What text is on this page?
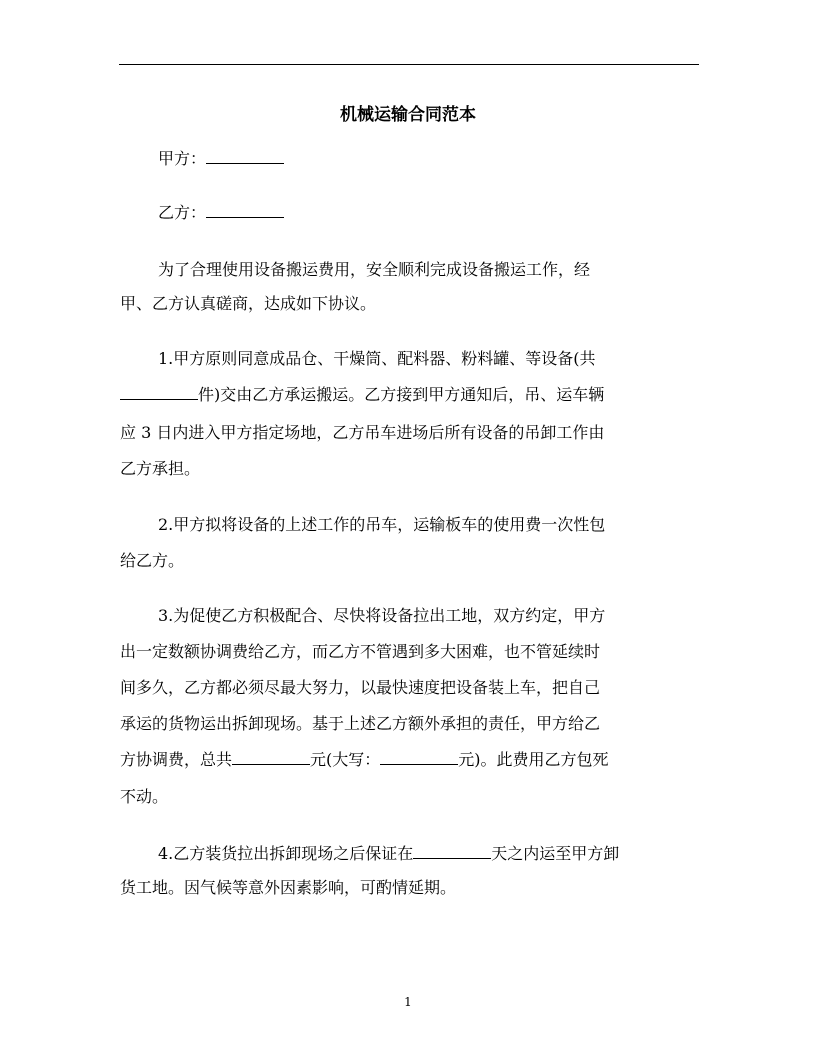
机械运输合同范本

甲方：

乙方：

为了合理使用设备搬运费用，安全顺利完成设备搬运工作，经

甲、乙方认真磋商，达成如下协议。

1.甲方原则同意成品仓、干燥筒、配料器、粉料罐、等设备(共

件)交由乙方承运搬运。乙方接到甲方通知后，吊、运车辆

应 3 日内进入甲方指定场地，乙方吊车进场后所有设备的吊卸工作由

乙方承担。

2.甲方拟将设备的上述工作的吊车，运输板车的使用费一次性包

给乙方。

3.为促使乙方积极配合、尽快将设备拉出工地，双方约定，甲方

出一定数额协调费给乙方，而乙方不管遇到多大困难，也不管延续时

间多久，乙方都必须尽最大努力，以最快速度把设备装上车，把自己

承运的货物运出拆卸现场。基于上述乙方额外承担的责任，甲方给乙

方协调费，总共	元(大写：	元)。此费用乙方包死

不动。

4.乙方装货拉出拆卸现场之后保证在	天之内运至甲方卸

货工地。因气候等意外因素影响，可酌情延期。

1
